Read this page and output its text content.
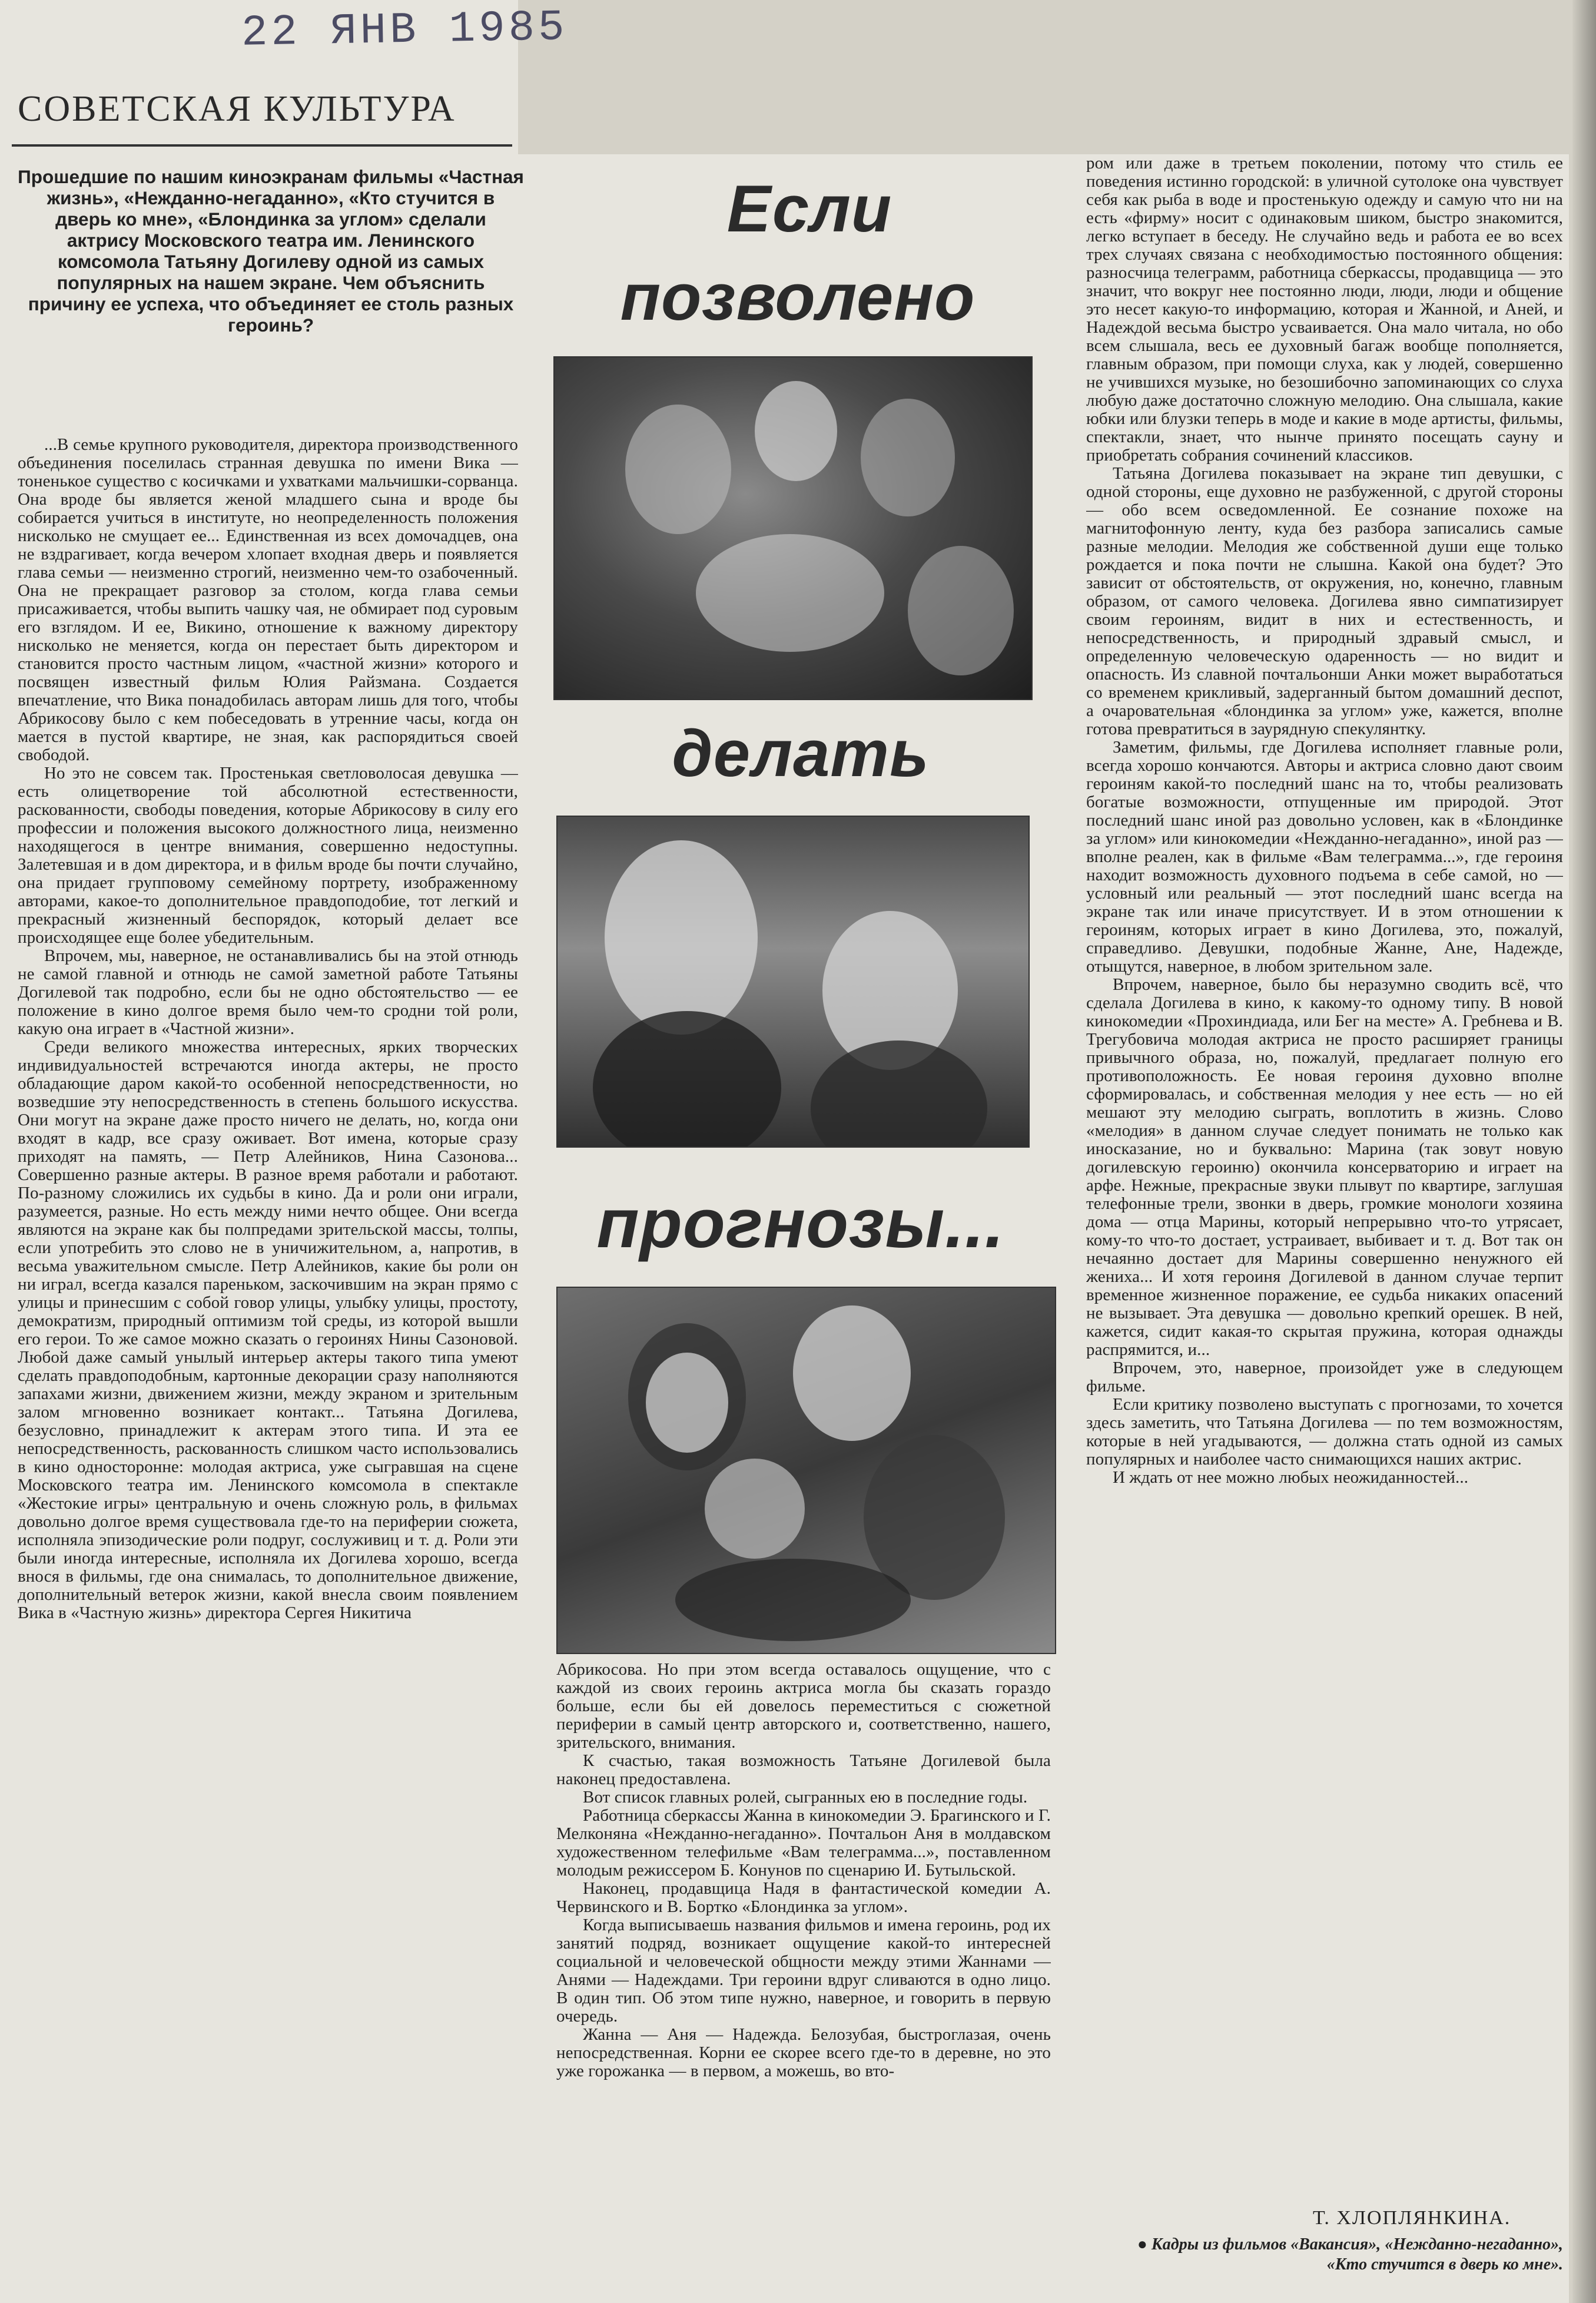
22 ЯНВ 1985
СОВЕТСКАЯ КУЛЬТУРА
Прошедшие по нашим киноэкранам фильмы «Частная жизнь», «Нежданно-негаданно», «Кто стучится в дверь ко мне», «Блондинка за углом» сделали актрису Московского театра им. Ленинского комсомола Татьяну Догилеву одной из самых популярных на нашем экране. Чем объяснить причину ее успеха, что объединяет ее столь разных героинь?

...В семье крупного руководителя, директора производственного объединения поселилась странная девушка по имени Вика — тоненькое существо с косичками и ухватками мальчишки-сорванца. Она вроде бы является женой младшего сына и вроде бы собирается учиться в институте, но неопределенность положения нисколько не смущает ее... Единственная из всех домочадцев, она не вздрагивает, когда вечером хлопает входная дверь и появляется глава семьи — неизменно строгий, неизменно чем-то озабоченный. Она не прекращает разговор за столом, когда глава семьи присаживается, чтобы выпить чашку чая, не обмирает под суровым его взглядом. И ее, Викино, отношение к важному директору нисколько не меняется, когда он перестает быть директором и становится просто частным лицом, «частной жизни» которого и посвящен известный фильм Юлия Райзмана. Создается впечатление, что Вика понадобилась авторам лишь для того, чтобы Абрикосову было с кем побеседовать в утренние часы, когда он мается в пустой квартире, не зная, как распорядиться своей свободой.

Но это не совсем так. Простенькая светловолосая девушка — есть олицетворение той абсолютной естественности, раскованности, свободы поведения, которые Абрикосову в силу его профессии и положения высокого должностного лица, неизменно находящегося в центре внимания, совершенно недоступны. Залетевшая и в дом директора, и в фильм вроде бы почти случайно, она придает групповому семейному портрету, изображенному авторами, какое-то дополнительное правдоподобие, тот легкий и прекрасный жизненный беспорядок, который делает все происходящее еще более убедительным.

Впрочем, мы, наверное, не останавливались бы на этой отнюдь не самой главной и отнюдь не самой заметной работе Татьяны Догилевой так подробно, если бы не одно обстоятельство — ее положение в кино долгое время было чем-то сродни той роли, какую она играет в «Частной жизни».

Среди великого множества интересных, ярких творческих индивидуальностей встречаются иногда актеры, не просто обладающие даром какой-то особенной непосредственности, но возведшие эту непосредственность в степень большого искусства. Они могут на экране даже просто ничего не делать, но, когда они входят в кадр, все сразу оживает. Вот имена, которые сразу приходят на память, — Петр Алейников, Нина Сазонова... Совершенно разные актеры. В разное время работали и работают. По-разному сложились их судьбы в кино. Да и роли они играли, разумеется, разные. Но есть между ними нечто общее. Они всегда являются на экране как бы полпредами зрительской массы, толпы, если употребить это слово не в уничижительном, а, напротив, в весьма уважительном смысле. Петр Алейников, какие бы роли он ни играл, всегда казался пареньком, заскочившим на экран прямо с улицы и принесшим с собой говор улицы, улыбку улицы, простоту, демократизм, природный оптимизм той среды, из которой вышли его герои. То же самое можно сказать о героинях Нины Сазоновой. Любой даже самый унылый интерьер актеры такого типа умеют сделать правдоподобным, картонные декорации сразу наполняются запахами жизни, движением жизни, между экраном и зрительным залом мгновенно возникает контакт... Татьяна Догилева, безусловно, принадлежит к актерам этого типа. И эта ее непосредственность, раскованность слишком часто использовались в кино односторонне: молодая актриса, уже сыгравшая на сцене Московского театра им. Ленинского комсомола в спектакле «Жестокие игры» центральную и очень сложную роль, в фильмах довольно долгое время существовала где-то на периферии сюжета, исполняла эпизодические роли подруг, сослуживиц и т. д. Роли эти были иногда интересные, исполняла их Догилева хорошо, всегда внося в фильмы, где она снималась, то дополнительное движение, дополнительный ветерок жизни, какой внесла своим появлением Вика в «Частную жизнь» директора Сергея Никитича

Если
позволено
делать
прогнозы...

Абрикосова. Но при этом всегда оставалось ощущение, что с каждой из своих героинь актриса могла бы сказать гораздо больше, если бы ей довелось переместиться с сюжетной периферии в самый центр авторского и, соответственно, нашего, зрительского, внимания.

К счастью, такая возможность Татьяне Догилевой была наконец предоставлена.

Вот список главных ролей, сыгранных ею в последние годы.

Работница сберкассы Жанна в кинокомедии Э. Брагинского и Г. Мелконяна «Нежданно-негаданно». Почтальон Аня в молдавском художественном телефильме «Вам телеграмма...», поставленном молодым режиссером Б. Конунов по сценарию И. Бутыльской.

Наконец, продавщица Надя в фантастической комедии А. Червинского и В. Бортко «Блондинка за углом».

Когда выписываешь названия фильмов и имена героинь, род их занятий подряд, возникает ощущение какой-то интересней социальной и человеческой общности между этими Жаннами — Анями — Надеждами. Три героини вдруг сливаются в одно лицо. В один тип. Об этом типе нужно, наверное, и говорить в первую очередь.

Жанна — Аня — Надежда. Белозубая, быстроглазая, очень непосредственная. Корни ее скорее всего где-то в деревне, но это уже горожанка — в первом, а можешь, во вто-

ром или даже в третьем поколении, потому что стиль ее поведения истинно городской: в уличной сутолоке она чувствует себя как рыба в воде и простенькую одежду и самую что ни на есть «фирму» носит с одинаковым шиком, быстро знакомится, легко вступает в беседу. Не случайно ведь и работа ее во всех трех случаях связана с необходимостью постоянного общения: разносчица телеграмм, работница сберкассы, продавщица — это значит, что вокруг нее постоянно люди, люди, люди и общение это несет какую-то информацию, которая и Жанной, и Аней, и Надеждой весьма быстро усваивается. Она мало читала, но обо всем слышала, весь ее духовный багаж вообще пополняется, главным образом, при помощи слуха, как у людей, совершенно не учившихся музыке, но безошибочно запоминающих со слуха любую даже достаточно сложную мелодию. Она слышала, какие юбки или блузки теперь в моде и какие в моде артисты, фильмы, спектакли, знает, что нынче принято посещать сауну и приобретать собрания сочинений классиков.

Татьяна Догилева показывает на экране тип девушки, с одной стороны, еще духовно не разбуженной, с другой стороны — обо всем осведомленной. Ее сознание похоже на магнитофонную ленту, куда без разбора записались самые разные мелодии. Мелодия же собственной души еще только рождается и пока почти не слышна. Какой она будет? Это зависит от обстоятельств, от окружения, но, конечно, главным образом, от самого человека. Догилева явно симпатизирует своим героиням, видит в них и естественность, и непосредственность, и природный здравый смысл, и определенную человеческую одаренность — но видит и опасность. Из славной почтальонши Анки может выработаться со временем крикливый, задерганный бытом домашний деспот, а очаровательная «блондинка за углом» уже, кажется, вполне готова превратиться в заурядную спекулянтку.

Заметим, фильмы, где Догилева исполняет главные роли, всегда хорошо кончаются. Авторы и актриса словно дают своим героиням какой-то последний шанс на то, чтобы реализовать богатые возможности, отпущенные им природой. Этот последний шанс иной раз довольно условен, как в «Блондинке за углом» или кинокомедии «Нежданно-негаданно», иной раз — вполне реален, как в фильме «Вам телеграмма...», где героиня находит возможность духовного подъема в себе самой, но — условный или реальный — этот последний шанс всегда на экране так или иначе присутствует. И в этом отношении к героиням, которых играет в кино Догилева, это, пожалуй, справедливо. Девушки, подобные Жанне, Ане, Надежде, отыщутся, наверное, в любом зрительном зале.

Впрочем, наверное, было бы неразумно сводить всё, что сделала Догилева в кино, к какому-то одному типу. В новой кинокомедии «Прохиндиада, или Бег на месте» А. Гребнева и В. Трегубовича молодая актриса не просто расширяет границы привычного образа, но, пожалуй, предлагает полную его противоположность. Ее новая героиня духовно вполне сформировалась, и собственная мелодия у нее есть — но ей мешают эту мелодию сыграть, воплотить в жизнь. Слово «мелодия» в данном случае следует понимать не только как иносказание, но и буквально: Марина (так зовут новую догилевскую героиню) окончила консерваторию и играет на арфе. Нежные, прекрасные звуки плывут по квартире, заглушая телефонные трели, звонки в дверь, громкие монологи хозяина дома — отца Марины, который непрерывно что-то утрясает, кому-то что-то достает, устраивает, выбивает и т. д. Вот так он нечаянно достает для Марины совершенно ненужного ей жениха... И хотя героиня Догилевой в данном случае терпит временное жизненное поражение, ее судьба никаких опасений не вызывает. Эта девушка — довольно крепкий орешек. В ней, кажется, сидит какая-то скрытая пружина, которая однажды распрямится, и...

Впрочем, это, наверное, произойдет уже в следующем фильме.

Если критику позволено выступать с прогнозами, то хочется здесь заметить, что Татьяна Догилева — по тем возможностям, которые в ней угадываются, — должна стать одной из самых популярных и наиболее часто снимающихся наших актрис.

И ждать от нее можно любых неожиданностей...

Т. ХЛОПЛЯНКИНА.
● Кадры из фильмов «Вакансия», «Нежданно-негаданно», «Кто стучится в дверь ко мне».
